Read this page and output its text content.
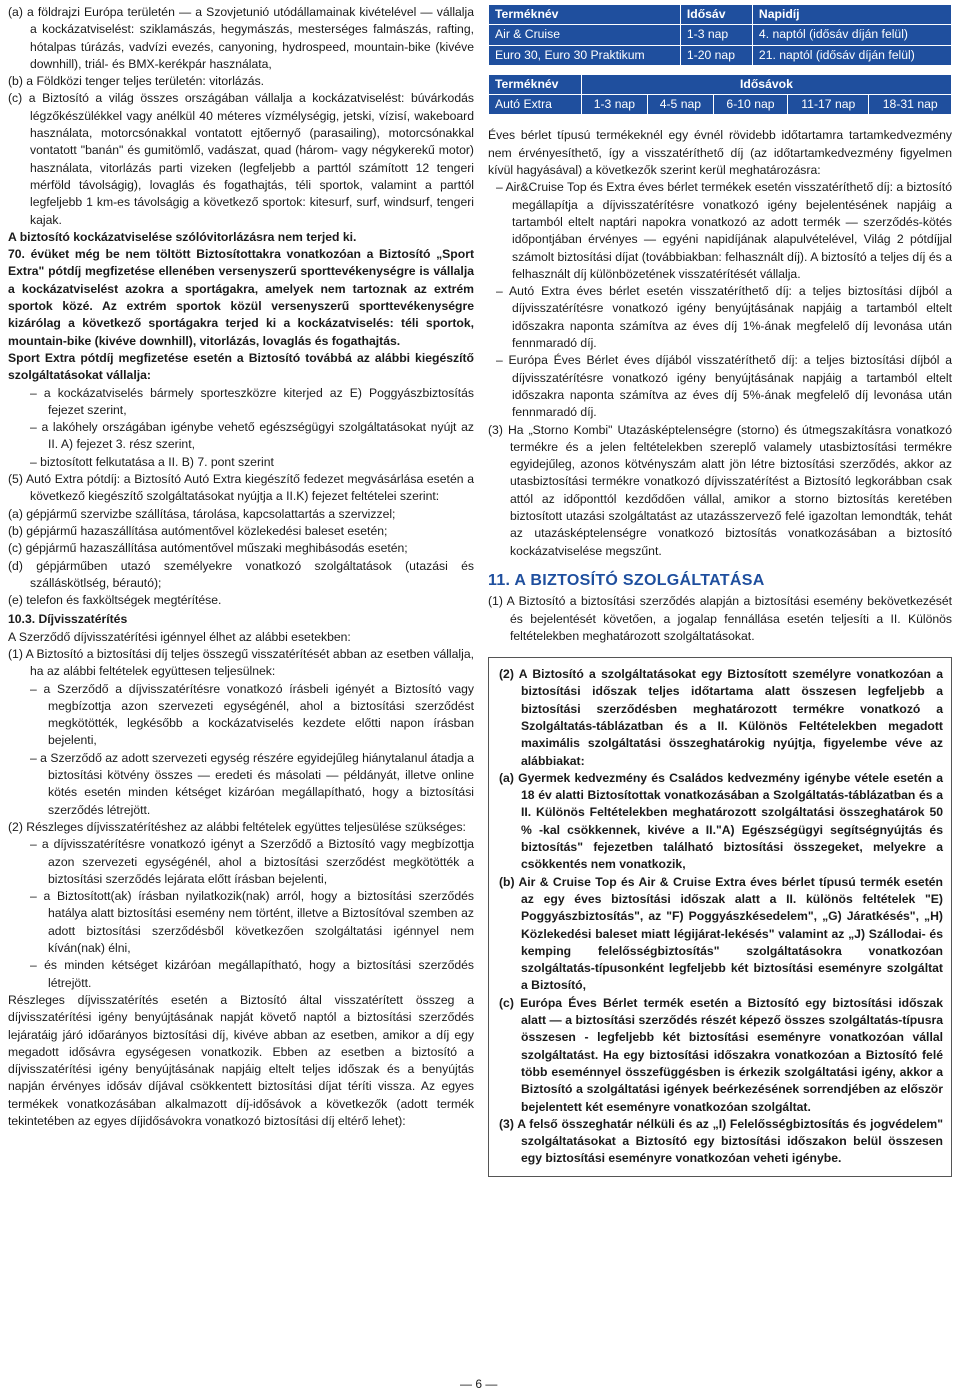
(a) a földrajzi Európa területén — a Szovjetunió utódállamainak kivételével — vállalja a kockázatviselést: sziklamászás, hegymászás, mesterséges falmászás, rafting, hótalpas túrázás, vadvízi evezés, canyoning, hydrospeed, mountain-bike (kivéve downhill), triál- és BMX-kerékpár használata,

(b) a Földközi tenger teljes területén: vitorlázás.

(c) a Biztosító a világ összes országában vállalja a kockázatviselést: búvárkodás légzőkészülékkel vagy anélkül 40 méteres vízmélységig, jetski, vízisí, wakeboard használata, motorcsónakkal vontatott ejtőernyő (parasailing), motorcsónakkal vontatott "banán" és gumitömlő, vadászat, quad (három- vagy négykerekű motor) használata, vitorlázás parti vizeken (legfeljebb a parttól számított 12 tengeri mérföld távolságig), lovaglás és fogathajtás, téli sportok, valamint a parttól legfeljebb 1 km-es távolságig a következő sportok: kitesurf, surf, windsurf, tengeri kajak.

A biztosító kockázatviselése szólóvitorlázásra nem terjed ki.

70. évüket még be nem töltött Biztosítottakra vonatkozóan a Biztosító „Sport Extra" pótdíj megfizetése ellenében versenyszerű sporttevékenységre is vállalja a kockázatviselést azokra a sportágakra, amelyek nem tartoznak az extrém sportok közé. Az extrém sportok közül versenyszerű sporttevékenységre kizárólag a következő sportágakra terjed ki a kockázatviselés: téli sportok, mountain-bike (kivéve downhill), vitorlázás, lovaglás és fogathajtás.

Sport Extra pótdíj megfizetése esetén a Biztosító továbbá az alábbi kiegészítő szolgáltatásokat vállalja:

– a kockázatviselés bármely sporteszközre kiterjed az E) Poggyászbiztosítás fejezet szerint,

– a lakóhely országában igénybe vehető egészségügyi szolgáltatásokat nyújt az II. A) fejezet 3. rész szerint,

– biztosított felkutatása a II. B) 7. pont szerint

(5) Autó Extra pótdíj: a Biztosító Autó Extra kiegészítő fedezet megvásárlása esetén a következő kiegészítő szolgáltatásokat nyújtja a II.K) fejezet feltételei szerint:

(a) gépjármű szervizbe szállítása, tárolása, kapcsolattartás a szervizzel;

(b) gépjármű hazaszállítása autómentővel közlekedési baleset esetén;

(c) gépjármű hazaszállítása autómentővel műszaki meghibásodás esetén;

(d) gépjárműben utazó személyekre vonatkozó szolgáltatások (utazási és szálláskötlség, bérautó);

(e) telefon és faxköltségek megtérítése.

10.3. Díjvisszatérítés

A Szerződő díjvisszatérítési igénnyel élhet az alábbi esetekben:

(1) A Biztosító a biztosítási díj teljes összegű visszatérítését abban az esetben vállalja, ha az alábbi feltételek együttesen teljesülnek:

– a Szerződő a díjvisszatérítésre vonatkozó írásbeli igényét a Biztosító vagy megbízottja azon szervezeti egységénél, ahol a biztosítási szerződést megkötötték, legkésőbb a kockázatviselés kezdete előtti napon írásban bejelenti,

– a Szerződő az adott szervezeti egység részére egyidejűleg hiánytalanul átadja a biztosítási kötvény összes — eredeti és másolati — példányát, illetve online kötés esetén minden kétséget kizáróan megállapítható, hogy a biztosítási szerződés létrejött.

(2) Részleges díjvisszatérítéshez az alábbi feltételek együttes teljesülése szükséges:

– a díjvisszatérítésre vonatkozó igényt a Szerződő a Biztosító vagy megbízottja azon szervezeti egységénél, ahol a biztosítási szerződést megkötötték a biztosítási szerződés lejárata előtt írásban bejelenti,

– a Biztosított(ak) írásban nyilatkozik(nak) arról, hogy a biztosítási szerződés hatálya alatt biztosítási esemény nem történt, illetve a Biztosítóval szemben az adott biztosítási szerződésből következően szolgáltatási igénnyel nem kíván(nak) élni,

– és minden kétséget kizáróan megállapítható, hogy a biztosítási szerződés létrejött.

Részleges díjvisszatérítés esetén a Biztosító által visszatérített összeg a díjvisszatérítési igény benyújtásának napját követő naptól a biztosítási szerződés lejáratáig járó időarányos biztosítási díj, kivéve abban az esetben, amikor a díj egy megadott idősávra egységesen vonatkozik. Ebben az esetben a biztosító a díjvisszatérítési igény benyújtásának napjáig eltelt teljes időszak és a benyújtás napján érvényes idősáv díjával csökkentett biztosítási díjat téríti vissza. Az egyes termékek vonatkozásában alkalmazott díj-idősávok a következők (adott termék tekintetében az egyes díjidősávokra vonatkozó biztosítási díj eltérő lehet):

Terméknév	Idősáv	Napidíj
Air & Cruise	1-3 nap	4. naptól (idősáv díján felül)
Euro 30, Euro 30 Praktikum	1-20 nap	21. naptól (idősáv díján felül)
Terméknév	Idősávok				
Autó Extra	1-3 nap	4-5 nap	6-10 nap	11-17 nap	18-31 nap

Éves bérlet típusú termékeknél egy évnél rövidebb időtartamra tartamkedvezmény nem érvényesíthető, így a visszatéríthető díj (az időtartamkedvezmény figyelmen kívül hagyásával) a következők szerint kerül meghatározásra:

– Air&Cruise Top és Extra éves bérlet termékek esetén visszatéríthető díj: a biztosító megállapítja a díjvisszatérítésre vonatkozó igény bejelentésének napjáig a tartamból eltelt naptári napokra vonatkozó az adott termék — szerződés-kötés időpontjában érvényes — egyéni napidíjának alapulvételével, Világ 2 pótdíjjal számolt biztosítási díjat (továbbiakban: felhasznált díj). A biztosító a teljes díj és a felhasznált díj különbözetének visszatérítését vállalja.

– Autó Extra éves bérlet esetén visszatéríthető díj: a teljes biztosítási díjból a díjvisszatérítésre vonatkozó igény benyújtásának napjáig a tartamból eltelt időszakra naponta számítva az éves díj 1%-ának megfelelő díj levonása után fennmaradó díj.

– Európa Éves Bérlet éves díjából visszatéríthető díj: a teljes biztosítási díjból a díjvisszatérítésre vonatkozó igény benyújtásának napjáig a tartamból eltelt időszakra naponta számítva az éves díj 5%-ának megfelelő díj levonása után fennmaradó díj.

(3) Ha „Storno Kombi" Utazásképtelenségre (storno) és útmegszakításra vonatkozó termékre és a jelen feltételekben szereplő valamely utasbiztosítási termékre egyidejűleg, azonos kötvényszám alatt jön létre biztosítási szerződés, akkor az utasbiztosítási termékre vonatkozó díjvisszatérítést a Biztosító legkorábban csak attól az időponttól kezdődően vállal, amikor a storno biztosítás keretében biztosított utazási szolgáltatást az utazásszervező felé igazoltan lemondták, tehát az utazásképtelenségre vonatkozó biztosítás vonatkozásában a biztosító kockázatviselése megszűnt.

11. A BIZTOSÍTÓ SZOLGÁLTATÁSA

(1) A Biztosító a biztosítási szerződés alapján a biztosítási esemény bekövetkezését és bejelentését követően, a jogalap fennállása esetén teljesíti a II. Különös feltételekben meghatározott szolgáltatásokat.

(2) A Biztosító a szolgáltatásokat egy Biztosított személyre vonatkozóan a biztosítási időszak teljes időtartama alatt összesen legfeljebb a biztosítási szerződésben meghatározott termékre vonatkozó a Szolgáltatás-táblázatban és a II. Különös Feltételekben megadott maximális szolgáltatási összeghatárokig nyújtja, figyelembe véve az alábbiakat:

(a) Gyermek kedvezmény és Családos kedvezmény igénybe vétele esetén a 18 év alatti Biztosítottak vonatkozásában a Szolgáltatás-táblázatban és a II. Különös Feltételekben meghatározott szolgáltatási összeghatárok 50 % -kal csökkennek, kivéve a II."A) Egészségügyi segítségnyújtás és biztosítás" fejezetben található biztosítási összegeket, melyekre a csökkentés nem vonatkozik,

(b) Air & Cruise Top és Air & Cruise Extra éves bérlet típusú termék esetén az egy éves biztosítási időszak alatt a II. különös feltételek "E) Poggyászbiztosítás", az "F) Poggyászkésedelem", „G) Járatkésés", „H) Közlekedési baleset miatt légijárat-lekésés" valamint az „J) Szállodai- és kemping felelősségbiztosítás" szolgáltatásokra vonatkozóan szolgáltatás-típusonként legfeljebb két biztosítási eseményre szolgáltat a Biztosító,

(c) Európa Éves Bérlet termék esetén a Biztosító egy biztosítási időszak alatt — a biztosítási szerződés részét képező összes szolgáltatás-típusra összesen - legfeljebb két biztosítási eseményre vonatkozóan vállal szolgáltatást. Ha egy biztosítási időszakra vonatkozóan a Biztosító felé több eseménnyel összefüggésben is érkezik szolgáltatási igény, akkor a Biztosító a szolgáltatási igények beérkezésének sorrendjében az először bejelentett két eseményre vonatkozóan szolgáltat.

(3) A felső összeghatár nélküli és az „I) Felelősségbiztosítás és jogvédelem" szolgáltatásokat a Biztosító egy biztosítási időszakon belül összesen egy biztosítási eseményre vonatkozóan veheti igénybe.

— 6 —
